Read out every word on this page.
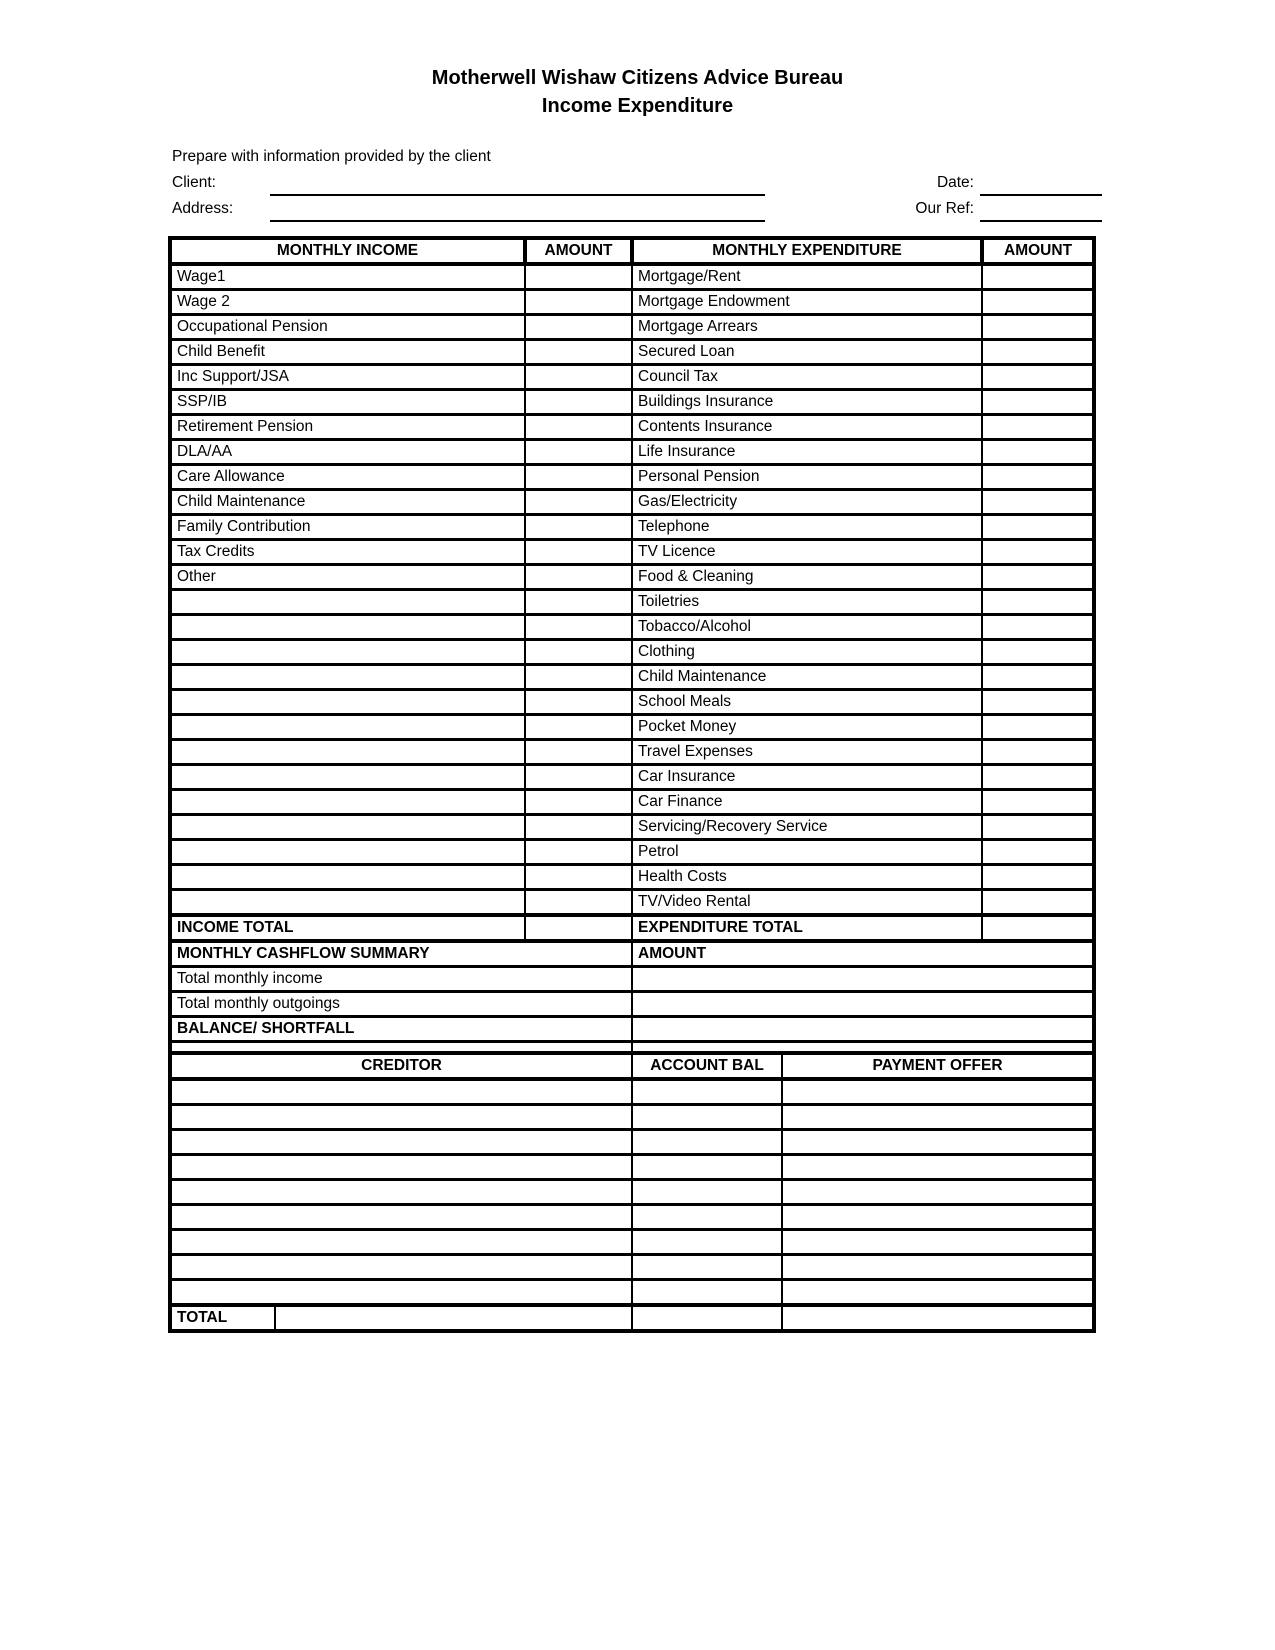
Motherwell Wishaw Citizens Advice Bureau
Income Expenditure
Prepare with information provided by the client
Client:	Date:
Address:	Our Ref:
MONTHLY INCOME		AMOUNT	MONTHLY EXPENDITURE		AMOUNT
Wage1			Mortgage/Rent		
Wage 2			Mortgage Endowment		
Occupational Pension			Mortgage Arrears		
Child Benefit			Secured Loan		
Inc Support/JSA			Council Tax		
SSP/IB			Buildings Insurance		
Retirement Pension			Contents Insurance		
DLA/AA			Life Insurance		
Care Allowance			Personal Pension		
Child Maintenance			Gas/Electricity		
Family Contribution			Telephone		
Tax Credits			TV Licence		
Other			Food & Cleaning		
			Toiletries		
			Tobacco/Alcohol		
			Clothing		
			Child Maintenance		
			School Meals		
			Pocket Money		
			Travel Expenses		
			Car Insurance		
			Car Finance		
			Servicing/Recovery Service		
			Petrol		
			Health Costs		
			TV/Video Rental		
INCOME TOTAL			EXPENDITURE TOTAL		
MONTHLY CASHFLOW SUMMARY			AMOUNT		
Total monthly income					
Total monthly outgoings					
BALANCE/ SHORTFALL					

CREDITOR			ACCOUNT BAL	PAYMENT OFFER	

TOTAL					
